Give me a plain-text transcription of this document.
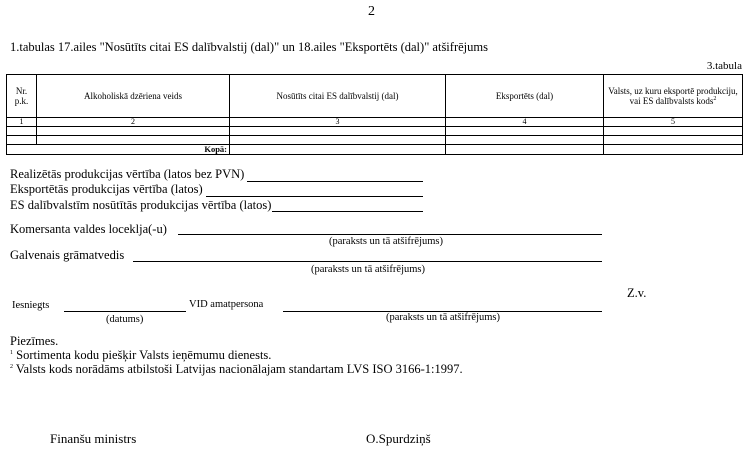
2
1.tabulas 17.ailes "Nosūtīts citai ES dalībvalstij (dal)" un 18.ailes "Eksportēts (dal)" atšifrējums
3.tabula
Nr. p.k.	Alkoholiskā dzēriena veids	Nosūtīts citai ES dalībvalstij (dal)	Eksportēts (dal)	Valsts, uz kuru eksportē produkciju, vai ES dalībvalsts kods$^2$
1	2	3	4	5

	Kopā:			
Realizētās produkcijas vērtība (latos bez PVN)
Eksportētās produkcijas vērtība (latos)
ES dalībvalstīm nosūtītās produkcijas vērtība (latos)
Komersanta valdes loceklja(-u)
(paraksts un tā atšifrējums)
Galvenais grāmatvedis
(paraksts un tā atšifrējums)
Z.v.
Iesniegts	VID amatpersona
(datums)	(paraksts un tā atšifrējums)
Piezīmes.
$^1$ Sortimenta kodu piešķir Valsts ieņēmumu dienests.
$^2$ Valsts kods norādāms atbilstoši Latvijas nacionālajam standartam LVS ISO 3166-1:1997.
Finanšu ministrs	O.Spurdziņš
